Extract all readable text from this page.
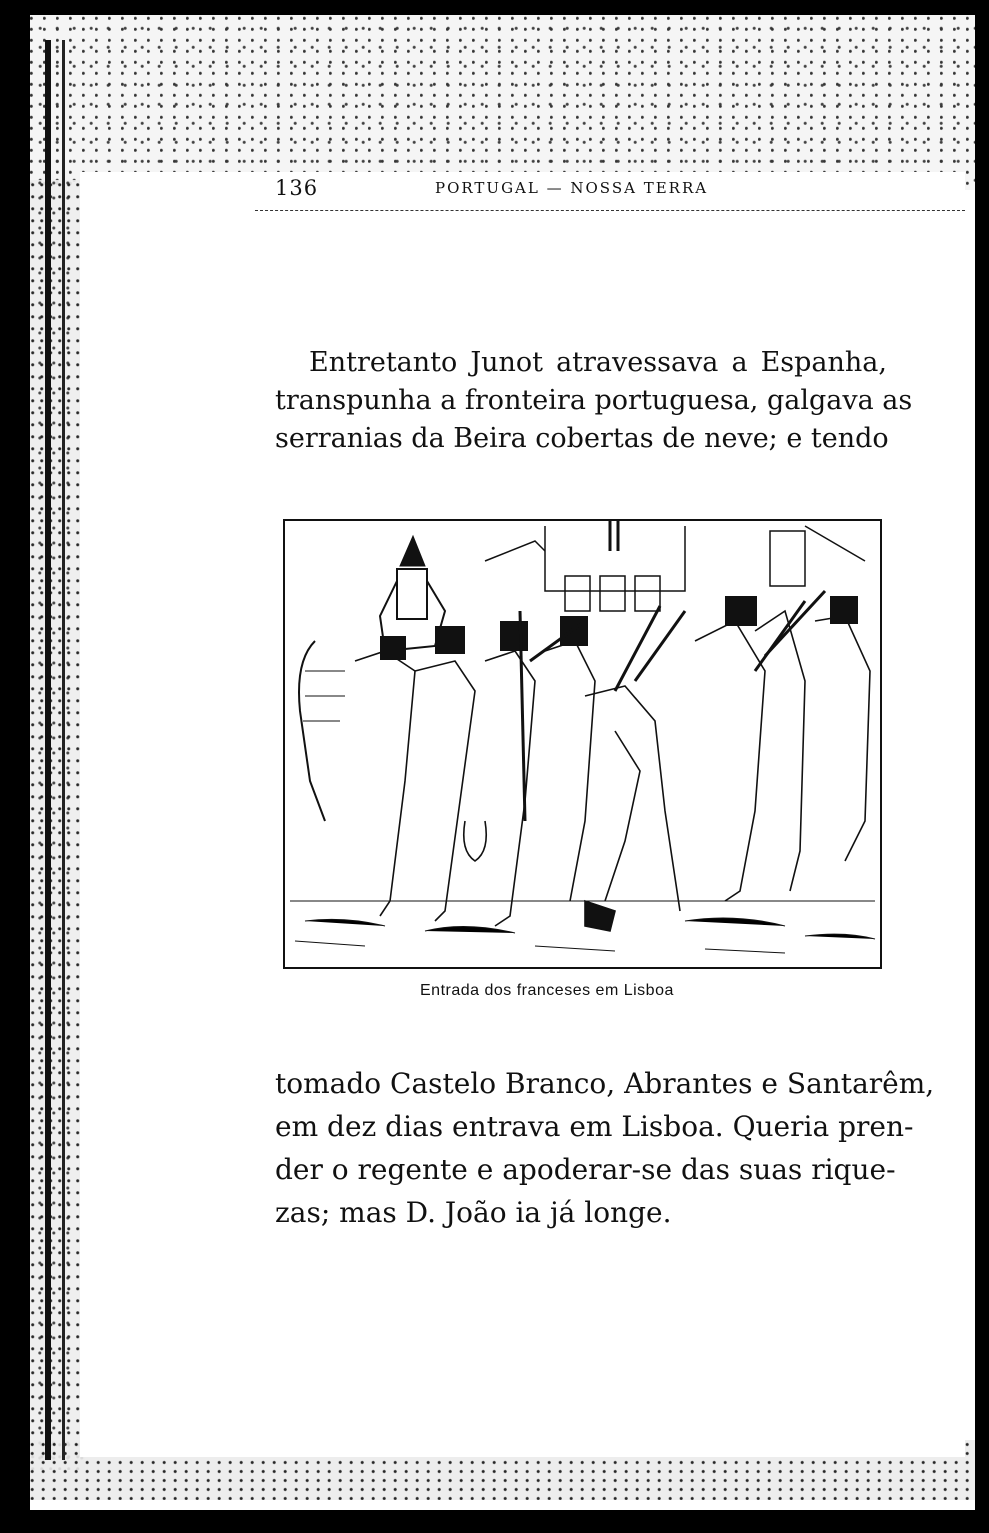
136	PORTUGAL — NOSSA TERRA
Entretanto Junot atravessava a Espanha,
transpunha a fronteira portuguesa, galgava as
serranias da Beira cobertas de neve; e tendo
Entrada dos franceses em Lisboa
tomado Castelo Branco, Abrantes e Santarêm,
em dez dias entrava em Lisboa. Queria pren-
der o regente e apoderar-se das suas rique-
zas; mas D. João ia já longe.
